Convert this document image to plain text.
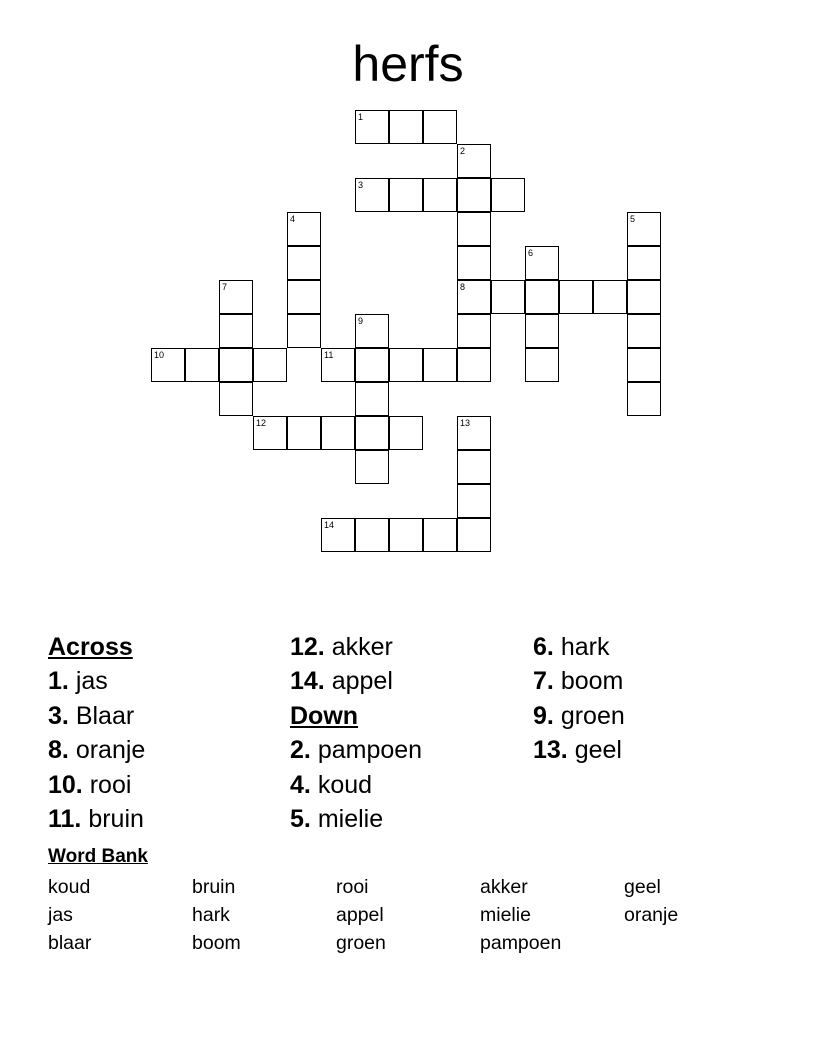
herfs
1
2
3
4	5
6
7	8
9
10	11
12	13
14
Across
1. jas
3. Blaar
8. oranje
10. rooi
11. bruin
12. akker
14. appel
Down
2. pampoen
4. koud
5. mielie
6. hark
7. boom
9. groen
13. geel
Word Bank
koud	bruin	rooi	akker	geel
jas	hark	appel	mielie	oranje
blaar	boom	groen	pampoen
